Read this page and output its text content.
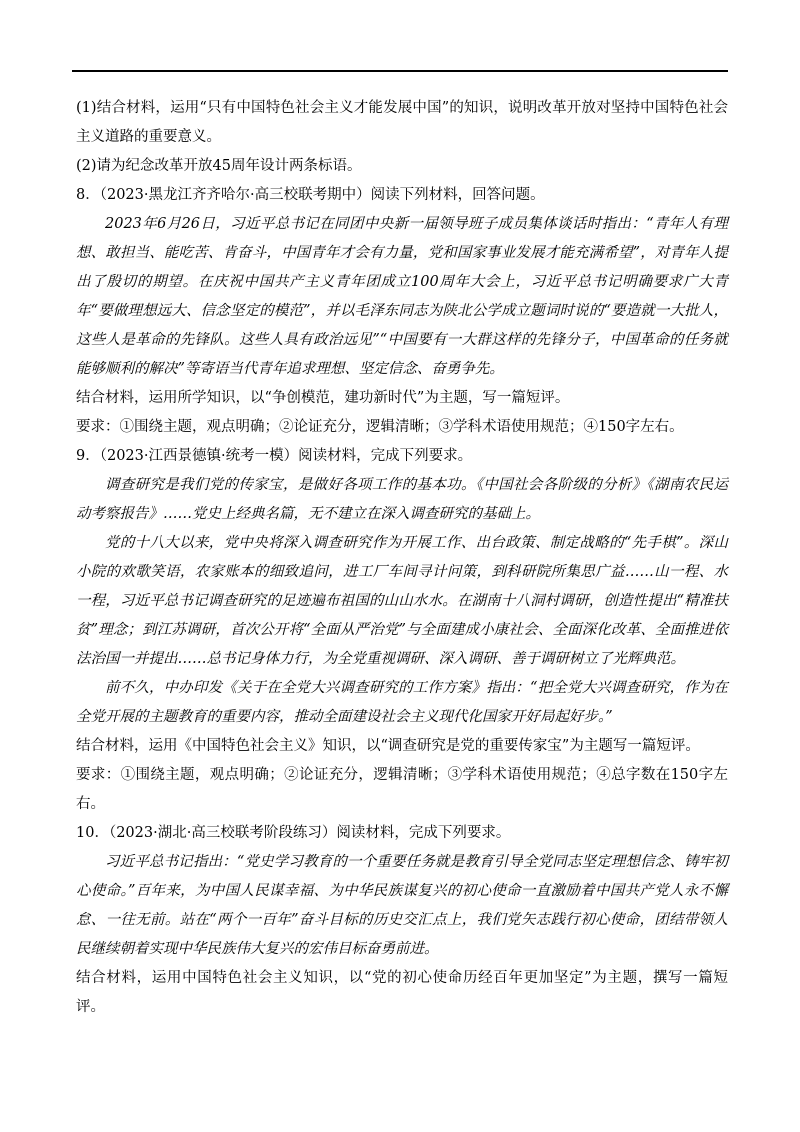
(1)结合材料，运用“只有中国特色社会主义才能发展中国”的知识，说明改革开放对坚持中国特色社会主义道路的重要意义。

(2)请为纪念改革开放45周年设计两条标语。

8．（2023·黑龙江齐齐哈尔·高三校联考期中）阅读下列材料，回答问题。

2023年6月26日，习近平总书记在同团中央新一届领导班子成员集体谈话时指出：“青年人有理想、敢担当、能吃苦、肯奋斗，中国青年才会有力量，党和国家事业发展才能充满希望”，对青年人提出了殷切的期望。在庆祝中国共产主义青年团成立100周年大会上，习近平总书记明确要求广大青年“要做理想远大、信念坚定的模范”，并以毛泽东同志为陕北公学成立题词时说的“要造就一大批人，这些人是革命的先锋队。这些人具有政治远见”“中国要有一大群这样的先锋分子，中国革命的任务就能够顺利的解决”等寄语当代青年追求理想、坚定信念、奋勇争先。

结合材料，运用所学知识，以“争创模范，建功新时代”为主题，写一篇短评。

要求：①围绕主题，观点明确；②论证充分，逻辑清晰；③学科术语使用规范；④150字左右。

9．（2023·江西景德镇·统考一模）阅读材料，完成下列要求。

调查研究是我们党的传家宝，是做好各项工作的基本功。《中国社会各阶级的分析》《湖南农民运动考察报告》……党史上经典名篇，无不建立在深入调查研究的基础上。

党的十八大以来，党中央将深入调查研究作为开展工作、出台政策、制定战略的“先手棋”。深山小院的欢歌笑语，农家账本的细致追问，进工厂车间寻计问策，到科研院所集思广益……山一程、水一程，习近平总书记调查研究的足迹遍布祖国的山山水水。在湖南十八洞村调研，创造性提出“精准扶贫”理念；到江苏调研，首次公开将“全面从严治党”与全面建成小康社会、全面深化改革、全面推进依法治国一并提出……总书记身体力行，为全党重视调研、深入调研、善于调研树立了光辉典范。

前不久，中办印发《关于在全党大兴调查研究的工作方案》指出：“把全党大兴调查研究，作为在全党开展的主题教育的重要内容，推动全面建设社会主义现代化国家开好局起好步。”

结合材料，运用《中国特色社会主义》知识，以“调查研究是党的重要传家宝”为主题写一篇短评。

要求：①围绕主题，观点明确；②论证充分，逻辑清晰；③学科术语使用规范；④总字数在150字左右。

10．（2023·湖北·高三校联考阶段练习）阅读材料，完成下列要求。

习近平总书记指出：“党史学习教育的一个重要任务就是教育引导全党同志坚定理想信念、铸牢初心使命。”百年来，为中国人民谋幸福、为中华民族谋复兴的初心使命一直激励着中国共产党人永不懈怠、一往无前。站在“两个一百年”奋斗目标的历史交汇点上，我们党矢志践行初心使命，团结带领人民继续朝着实现中华民族伟大复兴的宏伟目标奋勇前进。

结合材料，运用中国特色社会主义知识，以“党的初心使命历经百年更加坚定”为主题，撰写一篇短评。
